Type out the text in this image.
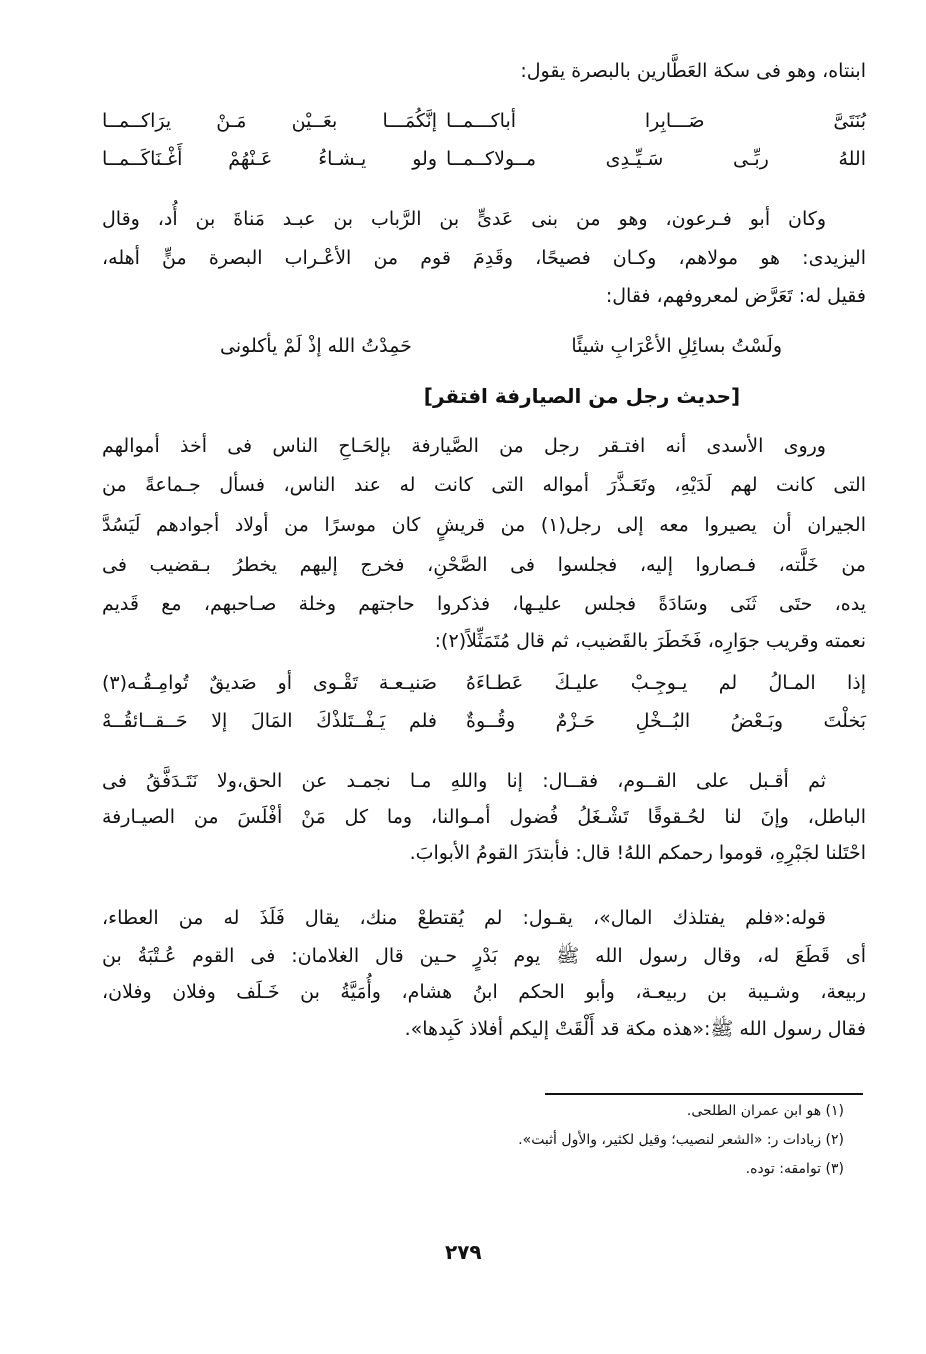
ابنتاه، وهو فى سكة العَطَّارين بالبصرة يقول:
بُنَتَىَّ صَـــابِرا أباكـــمــا
إنَّكُمَـــا بعَــيْن مَـنْ يرَاكــمــا
اللهُ ربِّـى سَـيِّـدِى مــولاكــمــا
ولو يـشـاءُ عَـنْهُمْ أَغْـنَاكَــمــا
وكان أبو فـرعون، وهو من بنى عَدىٍّ بن الرَّباب بن عبـد مَناةَ بن أُد، وقال
اليزيدى: هو مولاهم، وكـان فصيحًا، وقَدِمَ قوم من الأعْـراب البصرة منٍّ أهله،
فقيل له: تَعَرَّض لمعروفهم، فقال:
ولَسْتُ بسائِلِ الأعْرَابِ شيئًا
حَمِدْتُ الله إذْ لَمْ يأكلونى
[حديث رجل من الصيارفة افتقر]
وروى الأسدى أنه افتـقر رجل من الصَّيارفة بإلحَـاحِ الناس فى أخذ أموالهم
التى كانت لهم لَدَيْهِ، وتَعَـذَّرَ أمواله التى كانت له عند الناس، فسأل جـماعةً من
الجيران أن يصيروا معه إلى رجل(١) من قريشٍ كان موسرًا من أولاد أجوادهم لَيَسُدَّ
من خَلَّته، فـصاروا إليه، فجلسوا فى الصَّحْنِ، فخرج إليهم يخطرُ بـقضيب فى
يده، حتَى ثَنَى وسَادَةً فجلس عليـها، فذكروا حاجتهم وخلة صـاحبهم، مع قَديم
نعمته وقريب جوَارِه، فَخَطَرَ بالقَضيب، ثم قال مُتَمَثِّلاً(٢):
إذا المـالُ لم يـوجِـبْ عليـكَ عَطـاءَهُ
صَنيـعـة تَقْـوى أو صَديقٌ تُوامِـقُـه(٣)
بَخلْتَ وبَـعْضُ البُــخْلِ حَـزْمٌ وقُــوةٌ
فلم يَـفْــتَلذْكَ المَالَ إلا حَــقــائقُــهْ
ثم أقـبل على القــوم، فقــال: إنا واللهِ مـا نجمـد عن الحق،ولا نَتَـدَفَّقُ فى
الباطل، وإنَ لنا لحُـقوقًا تَشْـغَلُ فُضول أمـوالنا، وما كل مَنْ أفْلَسَ من الصيـارفة
احْتَلنا لجَبْرِهِ، قوموا رحمكم اللهُ! قال: فأبتدَرَ القومُ الأبوابَ.
قوله:«فلم يفتلذك المال»، يقـول: لم يُقتطعْ منك، يقال فَلَذَ له من العطاء،
أى قَطَعَ له، وقال رسول الله ﷺ يوم بَدْرٍ حـين قال الغلامان: فى القوم عُـتْبَةُ بن
ربيعة، وشـيبة بن ربيعـة، وأبو الحكم ابنُ هشام، وأُمَيَّةُ بن خَـلَف وفلان وفلان،
فقال رسول الله ﷺ:«هذه مكة قد أَلْقَتْ إليكم أفلاذ كَبِدها».
(١) هو ابن عمران الطلحى.
(٢) زيادات ر: «الشعر لنصيب؛ وقيل لكثير، والأول أثبت».
(٣) توامقه: توده.
٢٧٩
